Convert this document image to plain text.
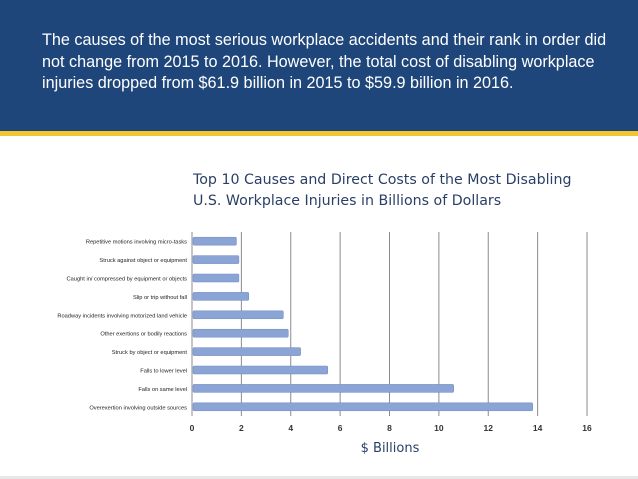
The causes of the most serious workplace accidents and their rank in order did not change from 2015 to 2016. However, the total cost of disabling workplace injuries dropped from $61.9 billion in 2015 to $59.9 billion in 2016.

Top 10 Causes and Direct Costs of the Most Disabling
U.S. Workplace Injuries in Billions of Dollars
Repetitive motions involving micro-tasks
Struck against object or equipment
Caught in/ compressed by equipment or objects
Slip or trip without fall
Roadway incidents involving motorized land vehicle
Other exertions or bodily reactions
Struck by object or equipment
Falls to lower level
Falls on same level
Overexertion involving outside sources
0	2	4	6	8	10	12	14	16
$ Billions
